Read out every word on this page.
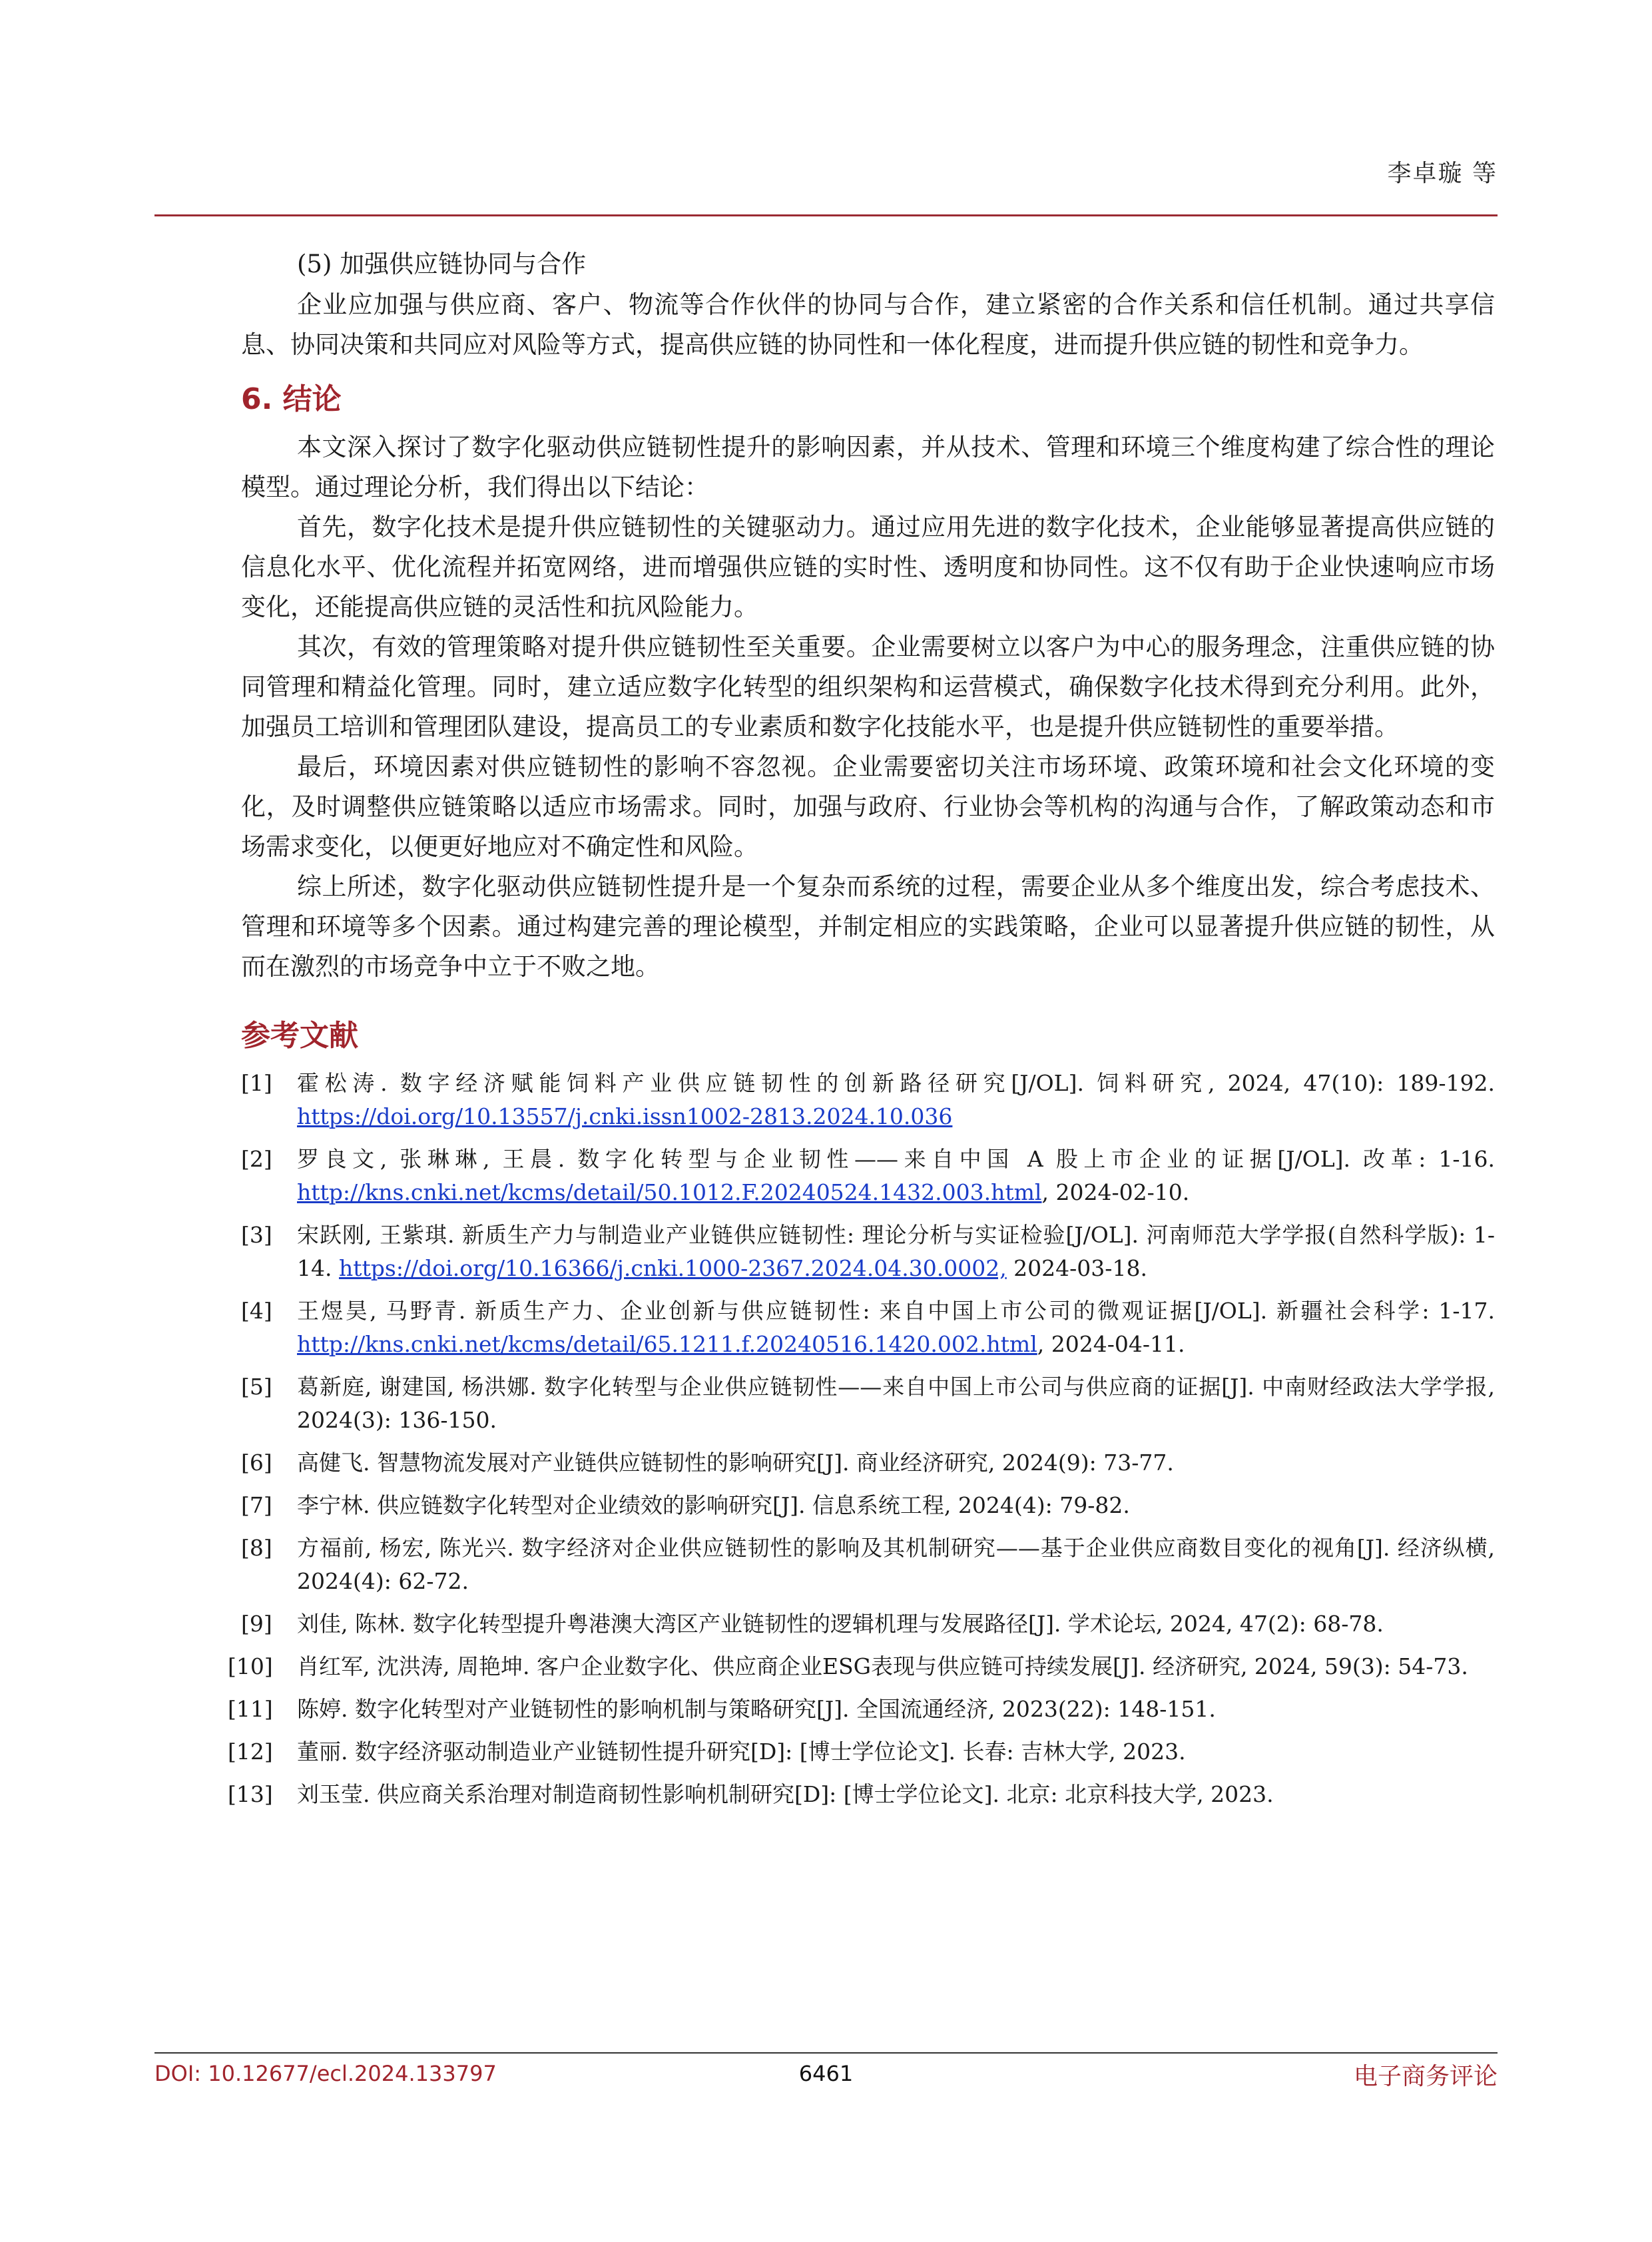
李卓璇 等
(5) 加强供应链协同与合作

企业应加强与供应商、客户、物流等合作伙伴的协同与合作，建立紧密的合作关系和信任机制。通过共享信息、协同决策和共同应对风险等方式，提高供应链的协同性和一体化程度，进而提升供应链的韧性和竞争力。

6. 结论

本文深入探讨了数字化驱动供应链韧性提升的影响因素，并从技术、管理和环境三个维度构建了综合性的理论模型。通过理论分析，我们得出以下结论：

首先，数字化技术是提升供应链韧性的关键驱动力。通过应用先进的数字化技术，企业能够显著提高供应链的信息化水平、优化流程并拓宽网络，进而增强供应链的实时性、透明度和协同性。这不仅有助于企业快速响应市场变化，还能提高供应链的灵活性和抗风险能力。

其次，有效的管理策略对提升供应链韧性至关重要。企业需要树立以客户为中心的服务理念，注重供应链的协同管理和精益化管理。同时，建立适应数字化转型的组织架构和运营模式，确保数字化技术得到充分利用。此外，加强员工培训和管理团队建设，提高员工的专业素质和数字化技能水平，也是提升供应链韧性的重要举措。

最后，环境因素对供应链韧性的影响不容忽视。企业需要密切关注市场环境、政策环境和社会文化环境的变化，及时调整供应链策略以适应市场需求。同时，加强与政府、行业协会等机构的沟通与合作，了解政策动态和市场需求变化，以便更好地应对不确定性和风险。

综上所述，数字化驱动供应链韧性提升是一个复杂而系统的过程，需要企业从多个维度出发，综合考虑技术、管理和环境等多个因素。通过构建完善的理论模型，并制定相应的实践策略，企业可以显著提升供应链的韧性，从而在激烈的市场竞争中立于不败之地。

参考文献
[1]	霍松涛. 数字经济赋能饲料产业供应链韧性的创新路径研究[J/OL]. 饲料研究, 2024, 47(10): 189-192. https://doi.org/10.13557/j.cnki.issn1002-2813.2024.10.036
[2]	罗良文, 张琳琳, 王晨. 数字化转型与企业韧性——来自中国 A 股上市企业的证据[J/OL]. 改革: 1-16. http://kns.cnki.net/kcms/detail/50.1012.F.20240524.1432.003.html, 2024-02-10.
[3]	宋跃刚, 王紫琪. 新质生产力与制造业产业链供应链韧性: 理论分析与实证检验[J/OL]. 河南师范大学学报(自然科学版): 1-14. https://doi.org/10.16366/j.cnki.1000-2367.2024.04.30.0002, 2024-03-18.
[4]	王煜昊, 马野青. 新质生产力、企业创新与供应链韧性: 来自中国上市公司的微观证据[J/OL]. 新疆社会科学: 1-17. http://kns.cnki.net/kcms/detail/65.1211.f.20240516.1420.002.html, 2024-04-11.
[5]	葛新庭, 谢建国, 杨洪娜. 数字化转型与企业供应链韧性——来自中国上市公司与供应商的证据[J]. 中南财经政法大学学报, 2024(3): 136-150.
[6]	高健飞. 智慧物流发展对产业链供应链韧性的影响研究[J]. 商业经济研究, 2024(9): 73-77.
[7]	李宁林. 供应链数字化转型对企业绩效的影响研究[J]. 信息系统工程, 2024(4): 79-82.
[8]	方福前, 杨宏, 陈光兴. 数字经济对企业供应链韧性的影响及其机制研究——基于企业供应商数目变化的视角[J]. 经济纵横, 2024(4): 62-72.
[9]	刘佳, 陈林. 数字化转型提升粤港澳大湾区产业链韧性的逻辑机理与发展路径[J]. 学术论坛, 2024, 47(2): 68-78.
[10] 肖红军, 沈洪涛, 周艳坤. 客户企业数字化、供应商企业ESG表现与供应链可持续发展[J]. 经济研究, 2024, 59(3): 54-73.
[11] 陈婷. 数字化转型对产业链韧性的影响机制与策略研究[J]. 全国流通经济, 2023(22): 148-151.
[12] 董丽. 数字经济驱动制造业产业链韧性提升研究[D]: [博士学位论文]. 长春: 吉林大学, 2023.
[13] 刘玉莹. 供应商关系治理对制造商韧性影响机制研究[D]: [博士学位论文]. 北京: 北京科技大学, 2023.
DOI: 10.12677/ecl.2024.133797	6461	电子商务评论
